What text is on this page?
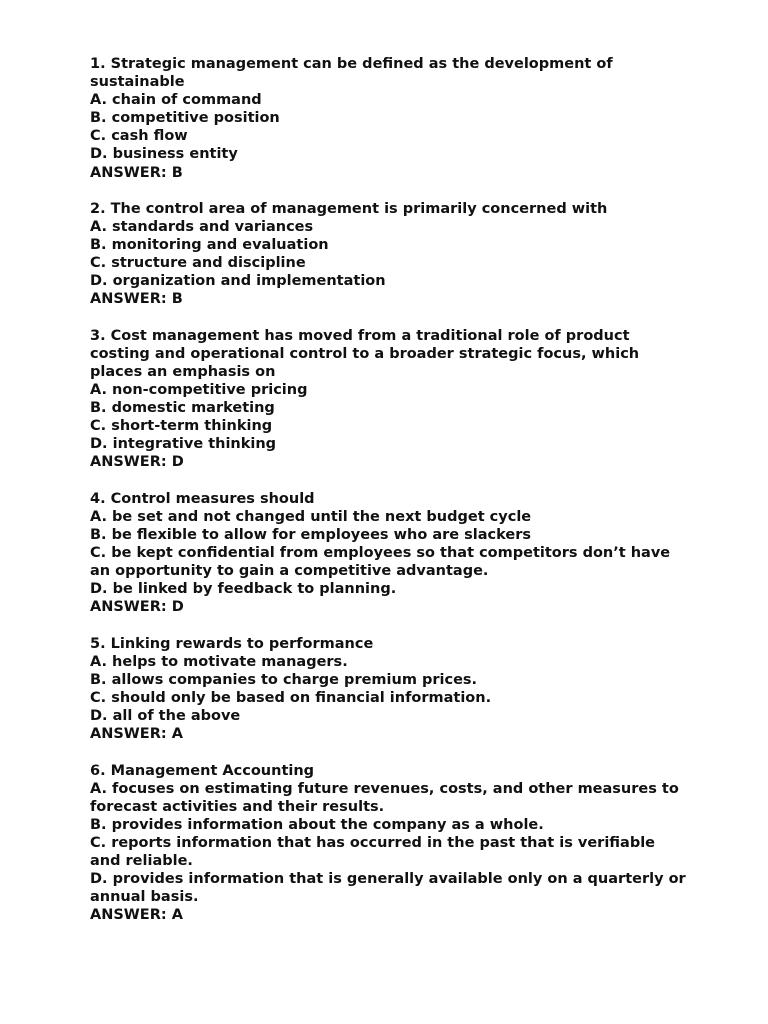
1. Strategic management can be defined as the development of sustainable
A. chain of command
B. competitive position
C. cash flow
D. business entity
ANSWER: B
2. The control area of management is primarily concerned with
A. standards and variances
B. monitoring and evaluation
C. structure and discipline
D. organization and implementation
ANSWER: B
3. Cost management has moved from a traditional role of product costing and operational control to a broader strategic focus, which places an emphasis on
A. non-competitive pricing
B. domestic marketing
C. short-term thinking
D. integrative thinking
ANSWER: D
4. Control measures should
A. be set and not changed until the next budget cycle
B. be flexible to allow for employees who are slackers
C. be kept confidential from employees so that competitors don’t have an opportunity to gain a competitive advantage.
D. be linked by feedback to planning.
ANSWER: D
5. Linking rewards to performance
A. helps to motivate managers.
B. allows companies to charge premium prices.
C. should only be based on financial information.
D. all of the above
ANSWER: A
6. Management Accounting
A. focuses on estimating future revenues, costs, and other measures to forecast activities and their results.
B. provides information about the company as a whole.
C. reports information that has occurred in the past that is verifiable and reliable.
D. provides information that is generally available only on a quarterly or annual basis.
ANSWER: A
